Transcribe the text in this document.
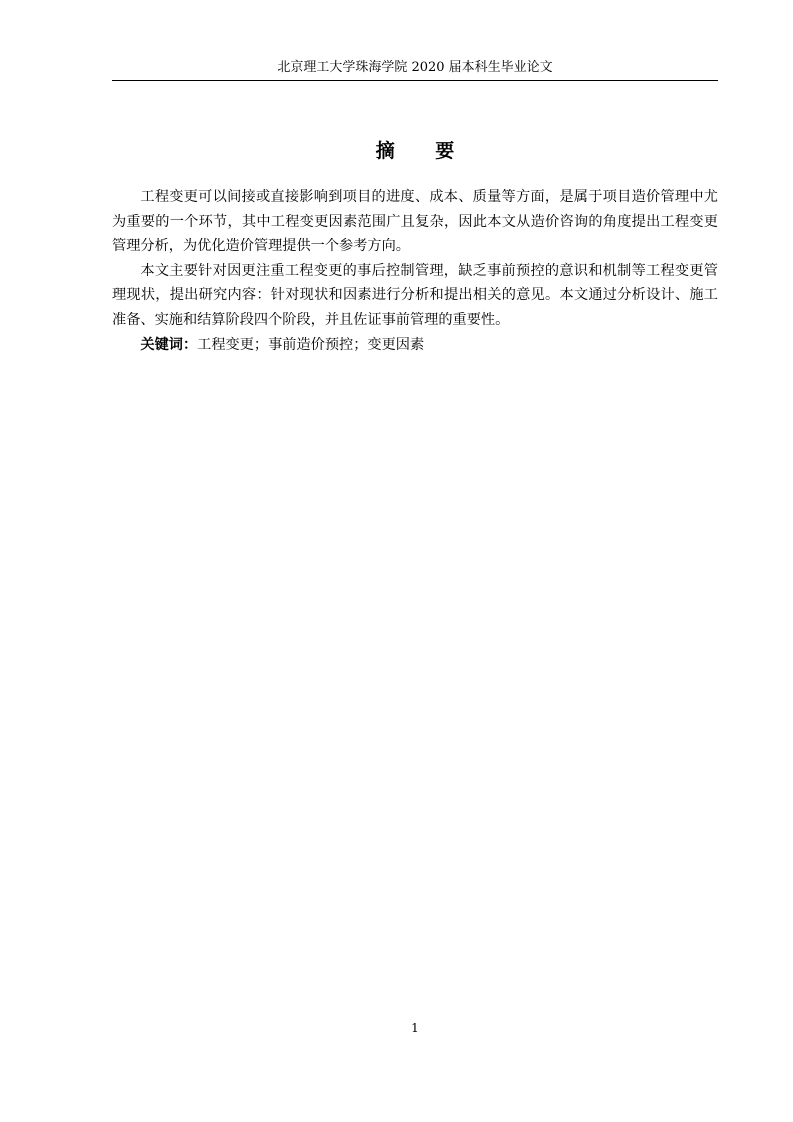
北京理工大学珠海学院 2020 届本科生毕业论文
摘 要

工程变更可以间接或直接影响到项目的进度、成本、质量等方面，是属于项目造价管理中尤为重要的一个环节，其中工程变更因素范围广且复杂，因此本文从造价咨询的角度提出工程变更管理分析，为优化造价管理提供一个参考方向。

本文主要针对因更注重工程变更的事后控制管理，缺乏事前预控的意识和机制等工程变更管理现状，提出研究内容：针对现状和因素进行分析和提出相关的意见。本文通过分析设计、施工准备、实施和结算阶段四个阶段，并且佐证事前管理的重要性。

关键词：工程变更；事前造价预控；变更因素

1
